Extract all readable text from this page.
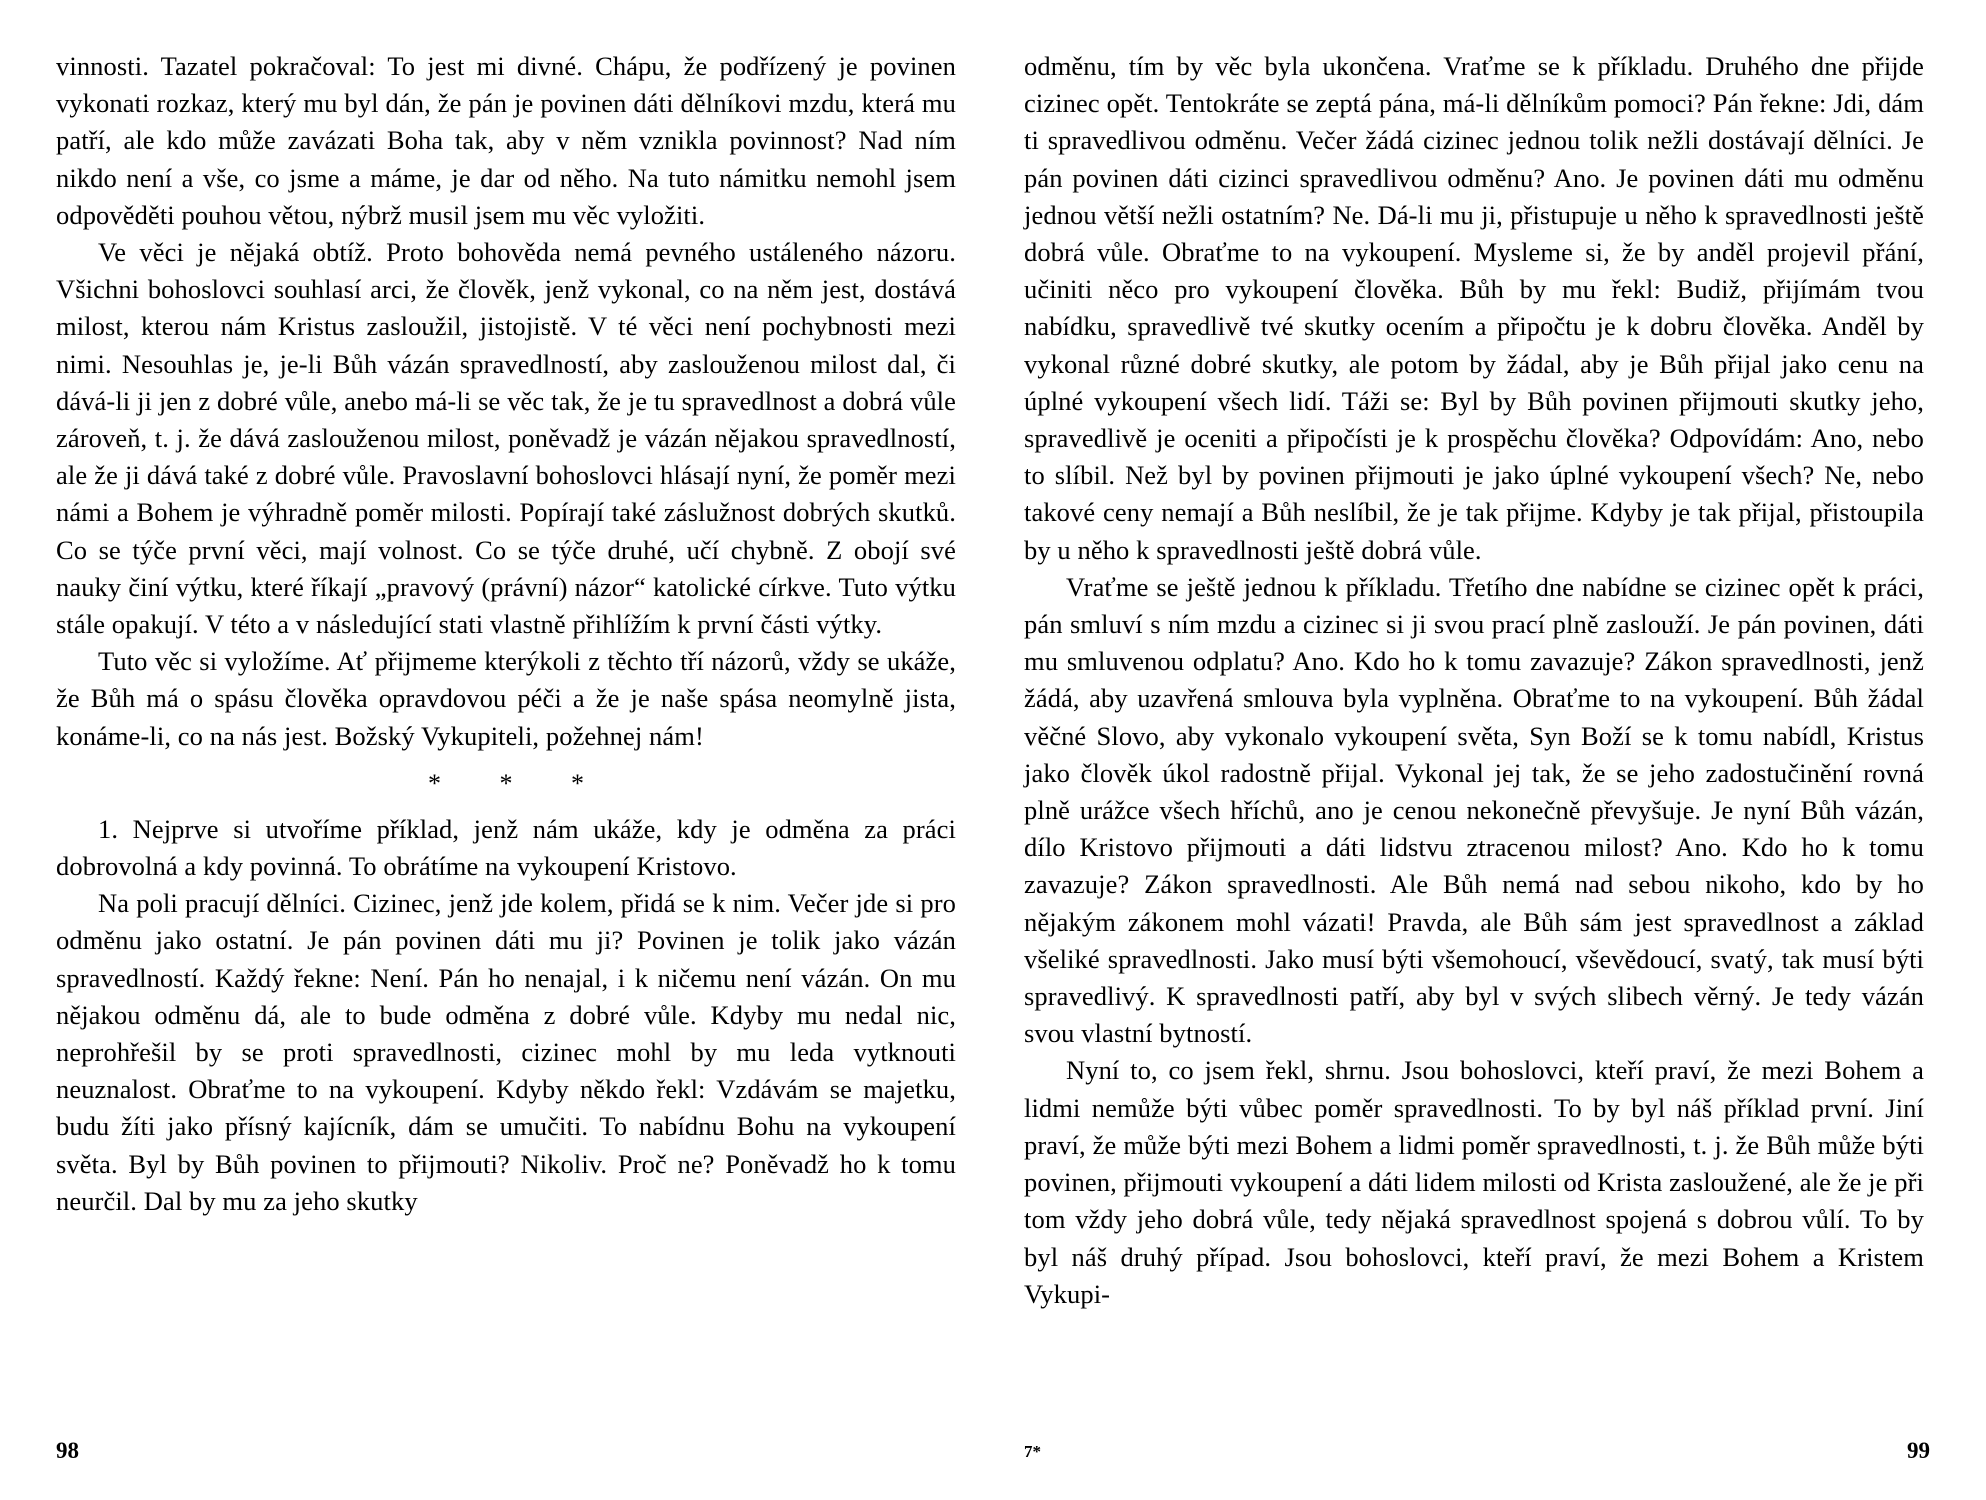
vinnosti. Tazatel pokračoval: To jest mi divné. Chápu, že podřízený je povinen vykonati rozkaz, který mu byl dán, že pán je povinen dáti dělníkovi mzdu, která mu patří, ale kdo může zavázati Boha tak, aby v něm vznikla povinnost? Nad ním nikdo není a vše, co jsme a máme, je dar od něho. Na tuto námitku nemohl jsem odpověděti pouhou větou, nýbrž musil jsem mu věc vyložiti.

Ve věci je nějaká obtíž. Proto bohověda nemá pevného ustáleného názoru. Všichni bohoslovci souhlasí arci, že člověk, jenž vykonal, co na něm jest, dostává milost, kterou nám Kristus zasloužil, jistojistě. V té věci není pochybnosti mezi nimi. Nesouhlas je, je-li Bůh vázán spravedlností, aby zaslouženou milost dal, či dává-li ji jen z dobré vůle, anebo má-li se věc tak, že je tu spravedlnost a dobrá vůle zároveň, t. j. že dává zaslouženou milost, poněvadž je vázán nějakou spravedlností, ale že ji dává také z dobré vůle. Pravoslavní bohoslovci hlásají nyní, že poměr mezi námi a Bohem je výhradně poměr milosti. Popírají také záslužnost dobrých skutků. Co se týče první věci, mají volnost. Co se týče druhé, učí chybně. Z obojí své nauky činí výtku, které říkají „pravový (právní) názor“ katolické církve. Tuto výtku stále opakují. V této a v následující stati vlastně přihlížím k první části výtky.

Tuto věc si vyložíme. Ať přijmeme kterýkoli z těchto tří názorů, vždy se ukáže, že Bůh má o spásu člověka opravdovou péči a že je naše spása neomylně jista, konáme-li, co na nás jest. Božský Vykupiteli, požehnej nám!

* * *

1. Nejprve si utvoříme příklad, jenž nám ukáže, kdy je odměna za práci dobrovolná a kdy povinná. To obrátíme na vykoupení Kristovo.

Na poli pracují dělníci. Cizinec, jenž jde kolem, přidá se k nim. Večer jde si pro odměnu jako ostatní. Je pán povinen dáti mu ji? Povinen je tolik jako vázán spravedlností. Každý řekne: Není. Pán ho nenajal, i k ničemu není vázán. On mu nějakou odměnu dá, ale to bude odměna z dobré vůle. Kdyby mu nedal nic, neprohřešil by se proti spravedlnosti, cizinec mohl by mu leda vytknouti neuznalost. Obraťme to na vykoupení. Kdyby někdo řekl: Vzdávám se majetku, budu žíti jako přísný kajícník, dám se umučiti. To nabídnu Bohu na vykoupení světa. Byl by Bůh povinen to přijmouti? Nikoliv. Proč ne? Poněvadž ho k tomu neurčil. Dal by mu za jeho skutky

odměnu, tím by věc byla ukončena. Vraťme se k příkladu. Druhého dne přijde cizinec opět. Tentokráte se zeptá pána, má-li dělníkům pomoci? Pán řekne: Jdi, dám ti spravedlivou odměnu. Večer žádá cizinec jednou tolik nežli dostávají dělníci. Je pán povinen dáti cizinci spravedlivou odměnu? Ano. Je povinen dáti mu odměnu jednou větší nežli ostatním? Ne. Dá-li mu ji, přistupuje u něho k spravedlnosti ještě dobrá vůle. Obraťme to na vykoupení. Mysleme si, že by anděl projevil přání, učiniti něco pro vykoupení člověka. Bůh by mu řekl: Budiž, přijímám tvou nabídku, spravedlivě tvé skutky ocením a připočtu je k dobru člověka. Anděl by vykonal různé dobré skutky, ale potom by žádal, aby je Bůh přijal jako cenu na úplné vykoupení všech lidí. Táži se: Byl by Bůh povinen přijmouti skutky jeho, spravedlivě je oceniti a připočísti je k prospěchu člověka? Odpovídám: Ano, nebo to slíbil. Než byl by povinen přijmouti je jako úplné vykoupení všech? Ne, nebo takové ceny nemají a Bůh neslíbil, že je tak přijme. Kdyby je tak přijal, přistoupila by u něho k spravedlnosti ještě dobrá vůle.

Vraťme se ještě jednou k příkladu. Třetího dne nabídne se cizinec opět k práci, pán smluví s ním mzdu a cizinec si ji svou prací plně zaslouží. Je pán povinen, dáti mu smluvenou odplatu? Ano. Kdo ho k tomu zavazuje? Zákon spravedlnosti, jenž žádá, aby uzavřená smlouva byla vyplněna. Obraťme to na vykoupení. Bůh žádal věčné Slovo, aby vykonalo vykoupení světa, Syn Boží se k tomu nabídl, Kristus jako člověk úkol radostně přijal. Vykonal jej tak, že se jeho zadostučinění rovná plně urážce všech hříchů, ano je cenou nekonečně převyšuje. Je nyní Bůh vázán, dílo Kristovo přijmouti a dáti lidstvu ztracenou milost? Ano. Kdo ho k tomu zavazuje? Zákon spravedlnosti. Ale Bůh nemá nad sebou nikoho, kdo by ho nějakým zákonem mohl vázati! Pravda, ale Bůh sám jest spravedlnost a základ všeliké spravedlnosti. Jako musí býti všemohoucí, vševědoucí, svatý, tak musí býti spravedlivý. K spravedlnosti patří, aby byl v svých slibech věrný. Je tedy vázán svou vlastní bytností.

Nyní to, co jsem řekl, shrnu. Jsou bohoslovci, kteří praví, že mezi Bohem a lidmi nemůže býti vůbec poměr spravedlnosti. To by byl náš příklad první. Jiní praví, že může býti mezi Bohem a lidmi poměr spravedlnosti, t. j. že Bůh může býti povinen, přijmouti vykoupení a dáti lidem milosti od Krista zasloužené, ale že je při tom vždy jeho dobrá vůle, tedy nějaká spravedlnost spojená s dobrou vůlí. To by byl náš druhý případ. Jsou bohoslovci, kteří praví, že mezi Bohem a Kristem Vykupi-

98	7*	99
